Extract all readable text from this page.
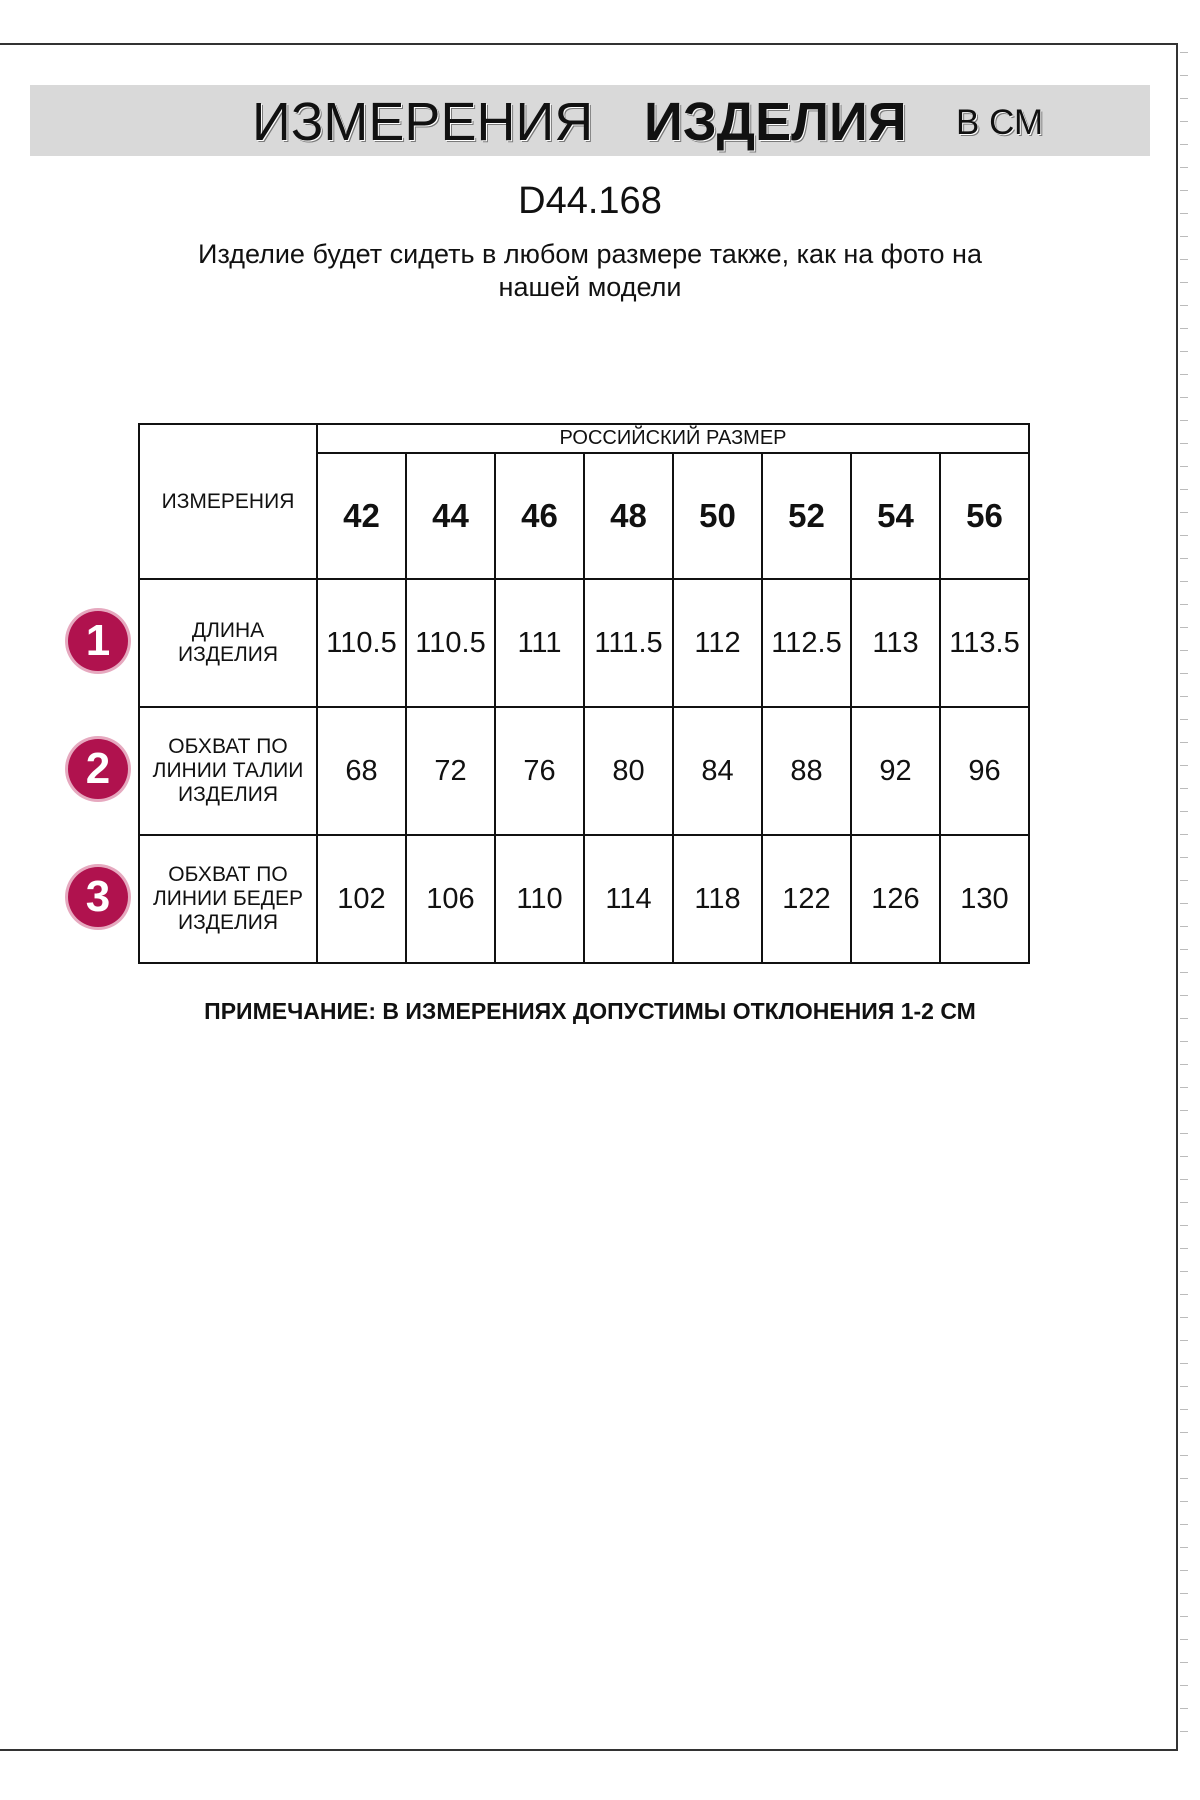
ИЗМЕРЕНИЯ ИЗДЕЛИЯ В СМ
D44.168
Изделие будет сидеть в любом размере также, как на фото на нашей модели
ИЗМЕРЕНИЯ	РОССИЙСКИЙ РАЗМЕР							
	42	44	46	48	50	52	54	56
ДЛИНА ИЗДЕЛИЯ	110.5	110.5	111	111.5	112	112.5	113	113.5
ОБХВАТ ПО ЛИНИИ ТАЛИИ ИЗДЕЛИЯ	68	72	76	80	84	88	92	96
ОБХВАТ ПО ЛИНИИ БЕДЕР ИЗДЕЛИЯ	102	106	110	114	118	122	126	130
1
2
3
ПРИМЕЧАНИЕ: В ИЗМЕРЕНИЯХ ДОПУСТИМЫ ОТКЛОНЕНИЯ 1-2 СМ
